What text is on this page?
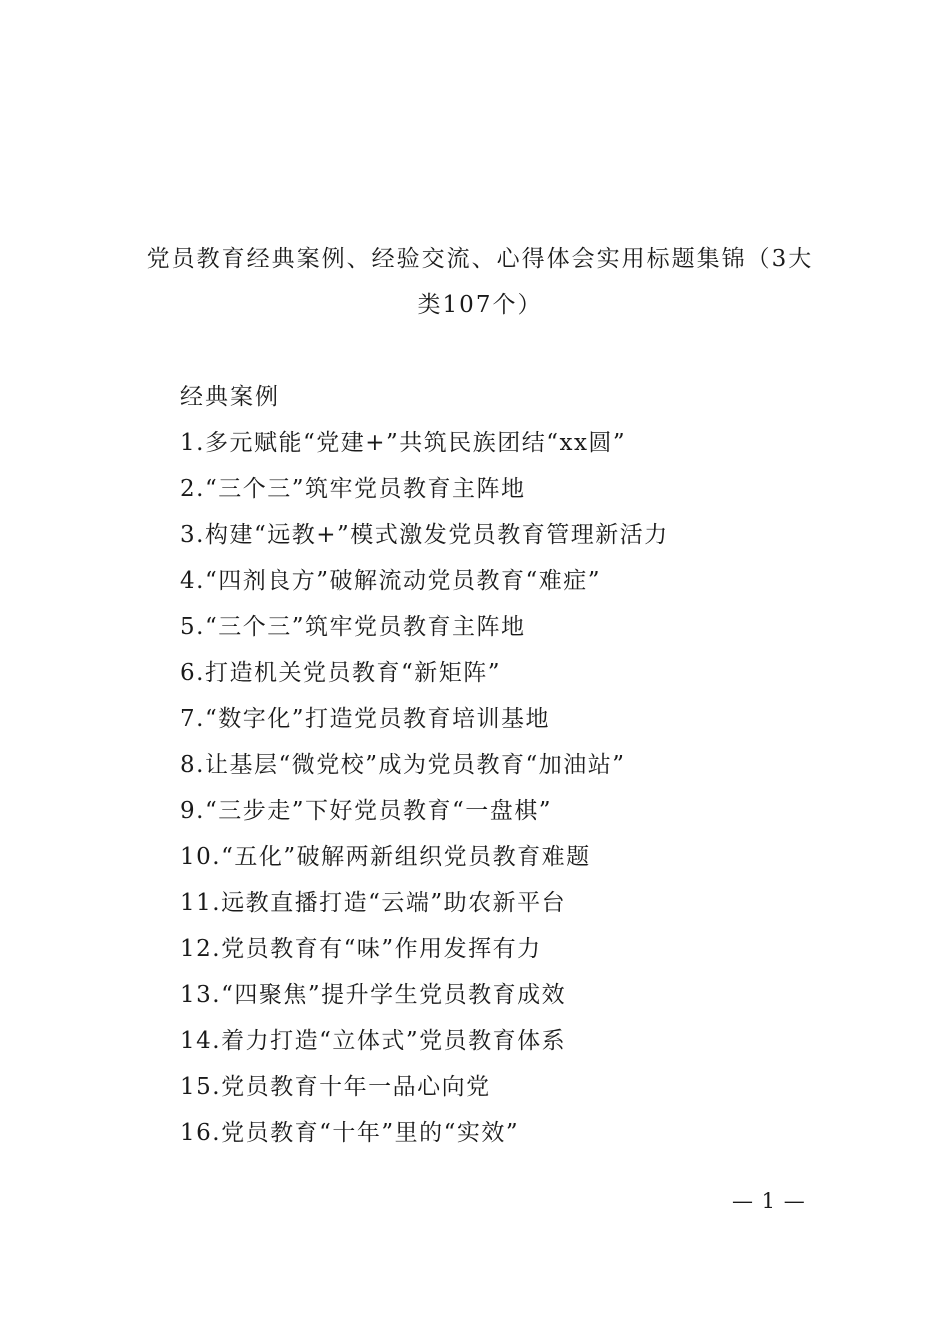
党员教育经典案例、经验交流、心得体会实用标题集锦（3大
类107个）
经典案例
1.多元赋能“党建+”共筑民族团结“xx圆”
2.“三个三”筑牢党员教育主阵地
3.构建“远教+”模式激发党员教育管理新活力
4.“四剂良方”破解流动党员教育“难症”
5.“三个三”筑牢党员教育主阵地
6.打造机关党员教育“新矩阵”
7.“数字化”打造党员教育培训基地
8.让基层“微党校”成为党员教育“加油站”
9.“三步走”下好党员教育“一盘棋”
10.“五化”破解两新组织党员教育难题
11.远教直播打造“云端”助农新平台
12.党员教育有“味”作用发挥有力
13.“四聚焦”提升学生党员教育成效
14.着力打造“立体式”党员教育体系
15.党员教育十年一品心向党
16.党员教育“十年”里的“实效”
— 1 —
